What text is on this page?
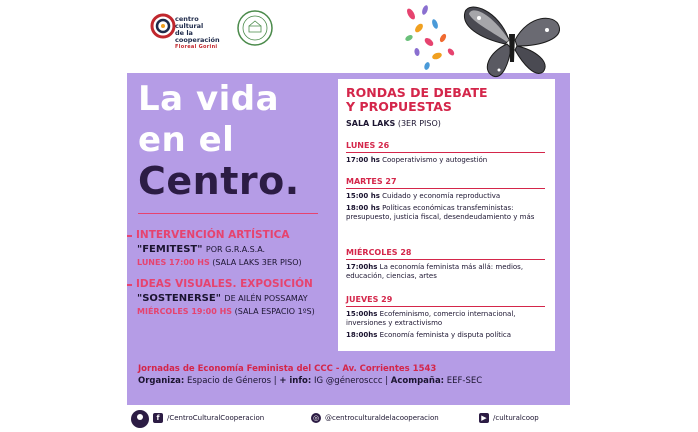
centro cultural
de la cooperación
Floreal Gorini
La vida
en el
Centro.

INTERVENCIÓN ARTÍSTICA

"FEMITEST" POR G.R.A.S.A.

LUNES 17:00 HS (SALA LAKS 3ER PISO)

IDEAS VISUALES. EXPOSICIÓN

"SOSTENERSE" DE AILÉN POSSAMAY

MIÉRCOLES 19:00 HS (SALA ESPACIO 1ºS)

RONDAS DE DEBATE
Y PROPUESTAS
SALA LAKS (3ER PISO)
LUNES 26
17:00 hs Cooperativismo y autogestión
MARTES 27
15:00 hs Cuidado y economía reproductiva
18:00 hs Políticas económicas transfeministas: presupuesto, justicia fiscal, desendeudamiento y más
MIÉRCOLES 28
17:00hs La economía feminista más allá: medios, educación, ciencias, artes
JUEVES 29
15:00hs Ecofeminismo, comercio internacional, inversiones y extractivismo
18:00hs Economía feminista y disputa política
Jornadas de Economía Feminista del CCC - Av. Corrientes 1543
Organiza: Espacio de Géneros | + info: IG @génerosccc | Acompaña: EEF-SEC
f	/CentroCulturalCooperacion	◎ @centroculturaldelacooperacion	▶ /culturalcoop
